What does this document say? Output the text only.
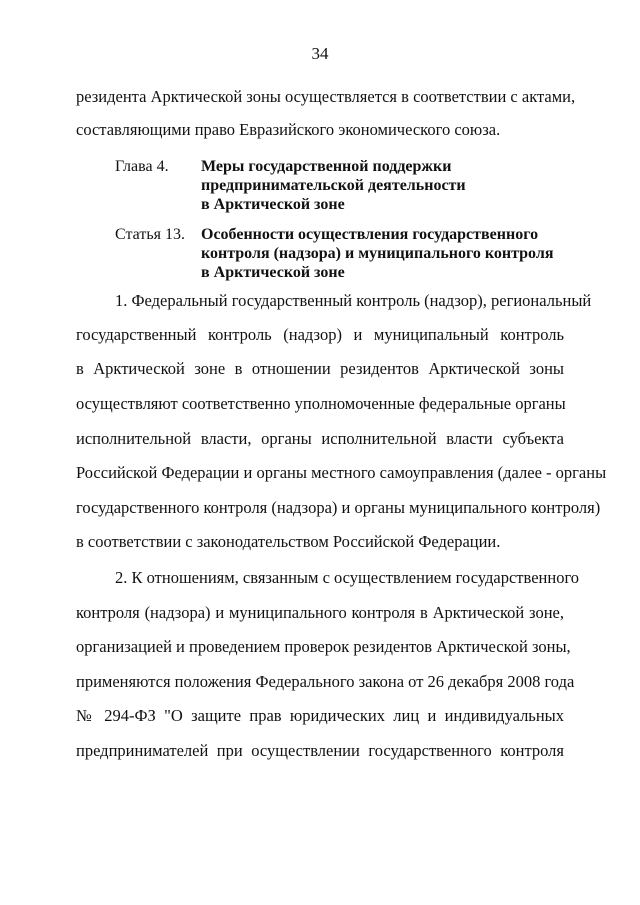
34
резидента Арктической зоны осуществляется в соответствии с актами,
составляющими право Евразийского экономического союза.
Глава 4.	Меры государственной поддержки
предпринимательской деятельности
в Арктической зоне
Статья 13.	Особенности осуществления государственного
контроля (надзора) и муниципального контроля
в Арктической зоне
1. Федеральный государственный контроль (надзор), региональный
государственный контроль (надзор) и муниципальный контроль
в Арктической зоне в отношении резидентов Арктической зоны
осуществляют соответственно уполномоченные федеральные органы
исполнительной власти, органы исполнительной власти субъекта
Российской Федерации и органы местного самоуправления (далее - органы
государственного контроля (надзора) и органы муниципального контроля)
в соответствии с законодательством Российской Федерации.
2. К отношениям, связанным с осуществлением государственного
контроля (надзора) и муниципального контроля в Арктической зоне,
организацией и проведением проверок резидентов Арктической зоны,
применяются положения Федерального закона от 26 декабря 2008 года
№ 294-ФЗ "О защите прав юридических лиц и индивидуальных
предпринимателей при осуществлении государственного контроля
